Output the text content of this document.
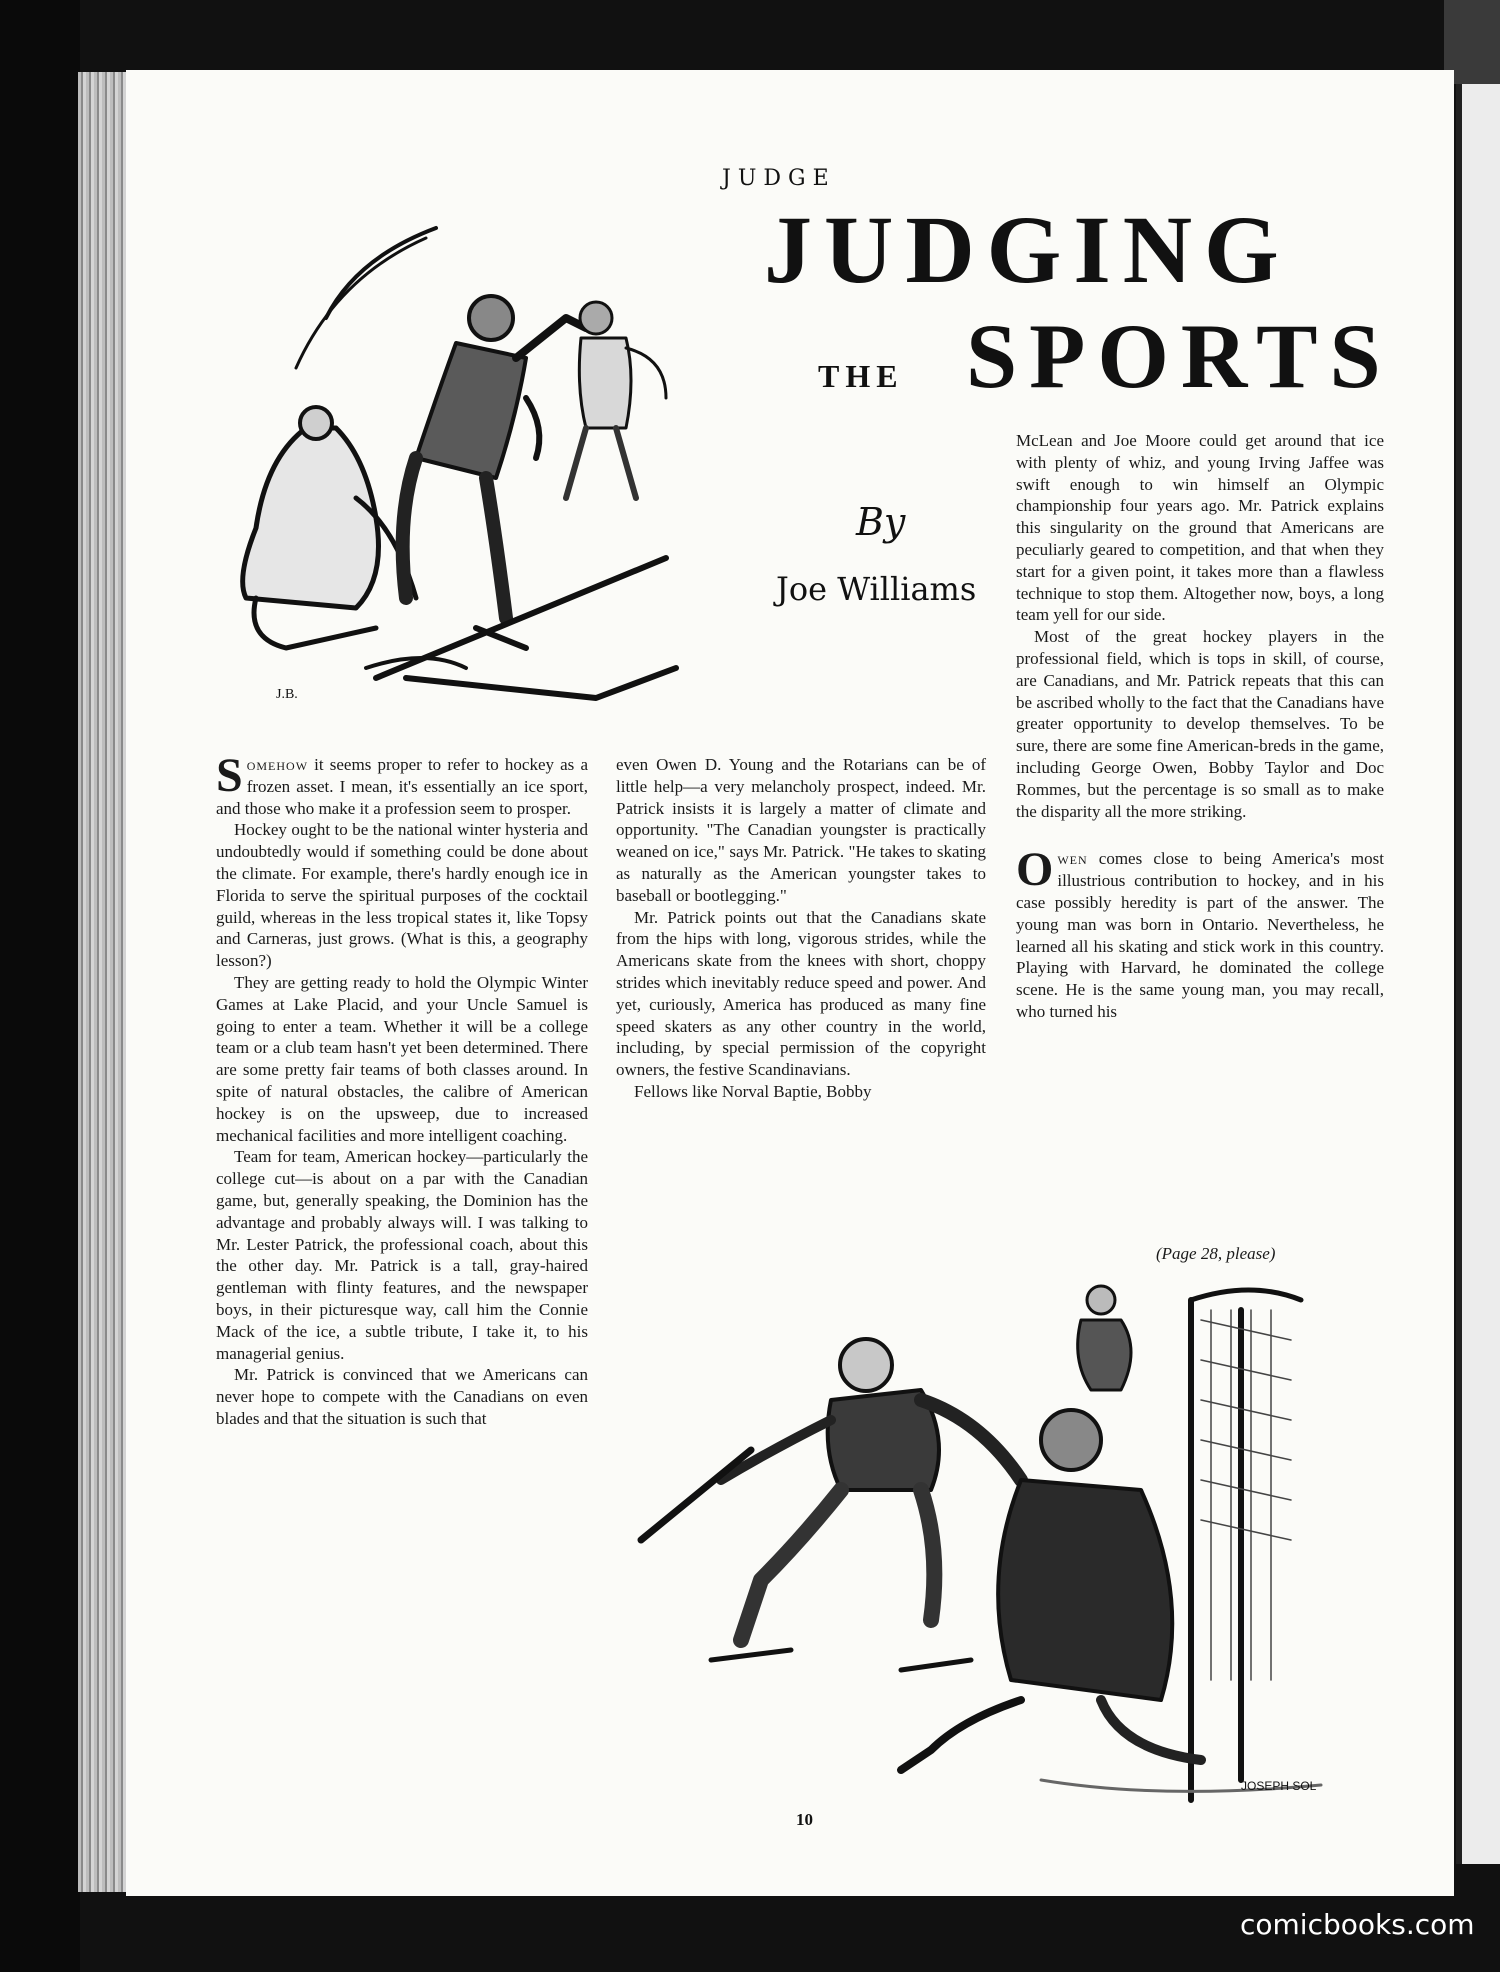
JUDGE
JUDGING
THE SPORTS
By
Joe Williams
J.B.

Somehow it seems proper to refer to hockey as a frozen asset. I mean, it's essentially an ice sport, and those who make it a profession seem to prosper.

Hockey ought to be the national winter hysteria and undoubtedly would if something could be done about the climate. For example, there's hardly enough ice in Florida to serve the spiritual purposes of the cocktail guild, whereas in the less tropical states it, like Topsy and Carneras, just grows. (What is this, a geography lesson?)

They are getting ready to hold the Olympic Winter Games at Lake Placid, and your Uncle Samuel is going to enter a team. Whether it will be a college team or a club team hasn't yet been determined. There are some pretty fair teams of both classes around. In spite of natural obstacles, the calibre of American hockey is on the upsweep, due to increased mechanical facilities and more intelligent coaching.

Team for team, American hockey—particularly the college cut—is about on a par with the Canadian game, but, generally speaking, the Dominion has the advantage and probably always will. I was talking to Mr. Lester Patrick, the professional coach, about this the other day. Mr. Patrick is a tall, gray-haired gentleman with flinty features, and the newspaper boys, in their picturesque way, call him the Connie Mack of the ice, a subtle tribute, I take it, to his managerial genius.

Mr. Patrick is convinced that we Americans can never hope to compete with the Canadians on even blades and that the situation is such that

even Owen D. Young and the Rotarians can be of little help—a very melancholy prospect, indeed. Mr. Patrick insists it is largely a matter of climate and opportunity. "The Canadian youngster is practically weaned on ice," says Mr. Patrick. "He takes to skating as naturally as the American youngster takes to baseball or bootlegging."

Mr. Patrick points out that the Canadians skate from the hips with long, vigorous strides, while the Americans skate from the knees with short, choppy strides which inevitably reduce speed and power. And yet, curiously, America has produced as many fine speed skaters as any other country in the world, including, by special permission of the copyright owners, the festive Scandinavians.

Fellows like Norval Baptie, Bobby

McLean and Joe Moore could get around that ice with plenty of whiz, and young Irving Jaffee was swift enough to win himself an Olympic championship four years ago. Mr. Patrick explains this singularity on the ground that Americans are peculiarly geared to competition, and that when they start for a given point, it takes more than a flawless technique to stop them. Altogether now, boys, a long team yell for our side.

Most of the great hockey players in the professional field, which is tops in skill, of course, are Canadians, and Mr. Patrick repeats that this can be ascribed wholly to the fact that the Canadians have greater opportunity to develop themselves. To be sure, there are some fine American-breds in the game, including George Owen, Bobby Taylor and Doc Rommes, but the percentage is so small as to make the disparity all the more striking.

Owen comes close to being America's most illustrious contribution to hockey, and in his case possibly heredity is part of the answer. The young man was born in Ontario. Nevertheless, he learned all his skating and stick work in this country. Playing with Harvard, he dominated the college scene. He is the same young man, you may recall, who turned his

(Page 28, please)
JOSEPH SOL
10
comicbooks.com
